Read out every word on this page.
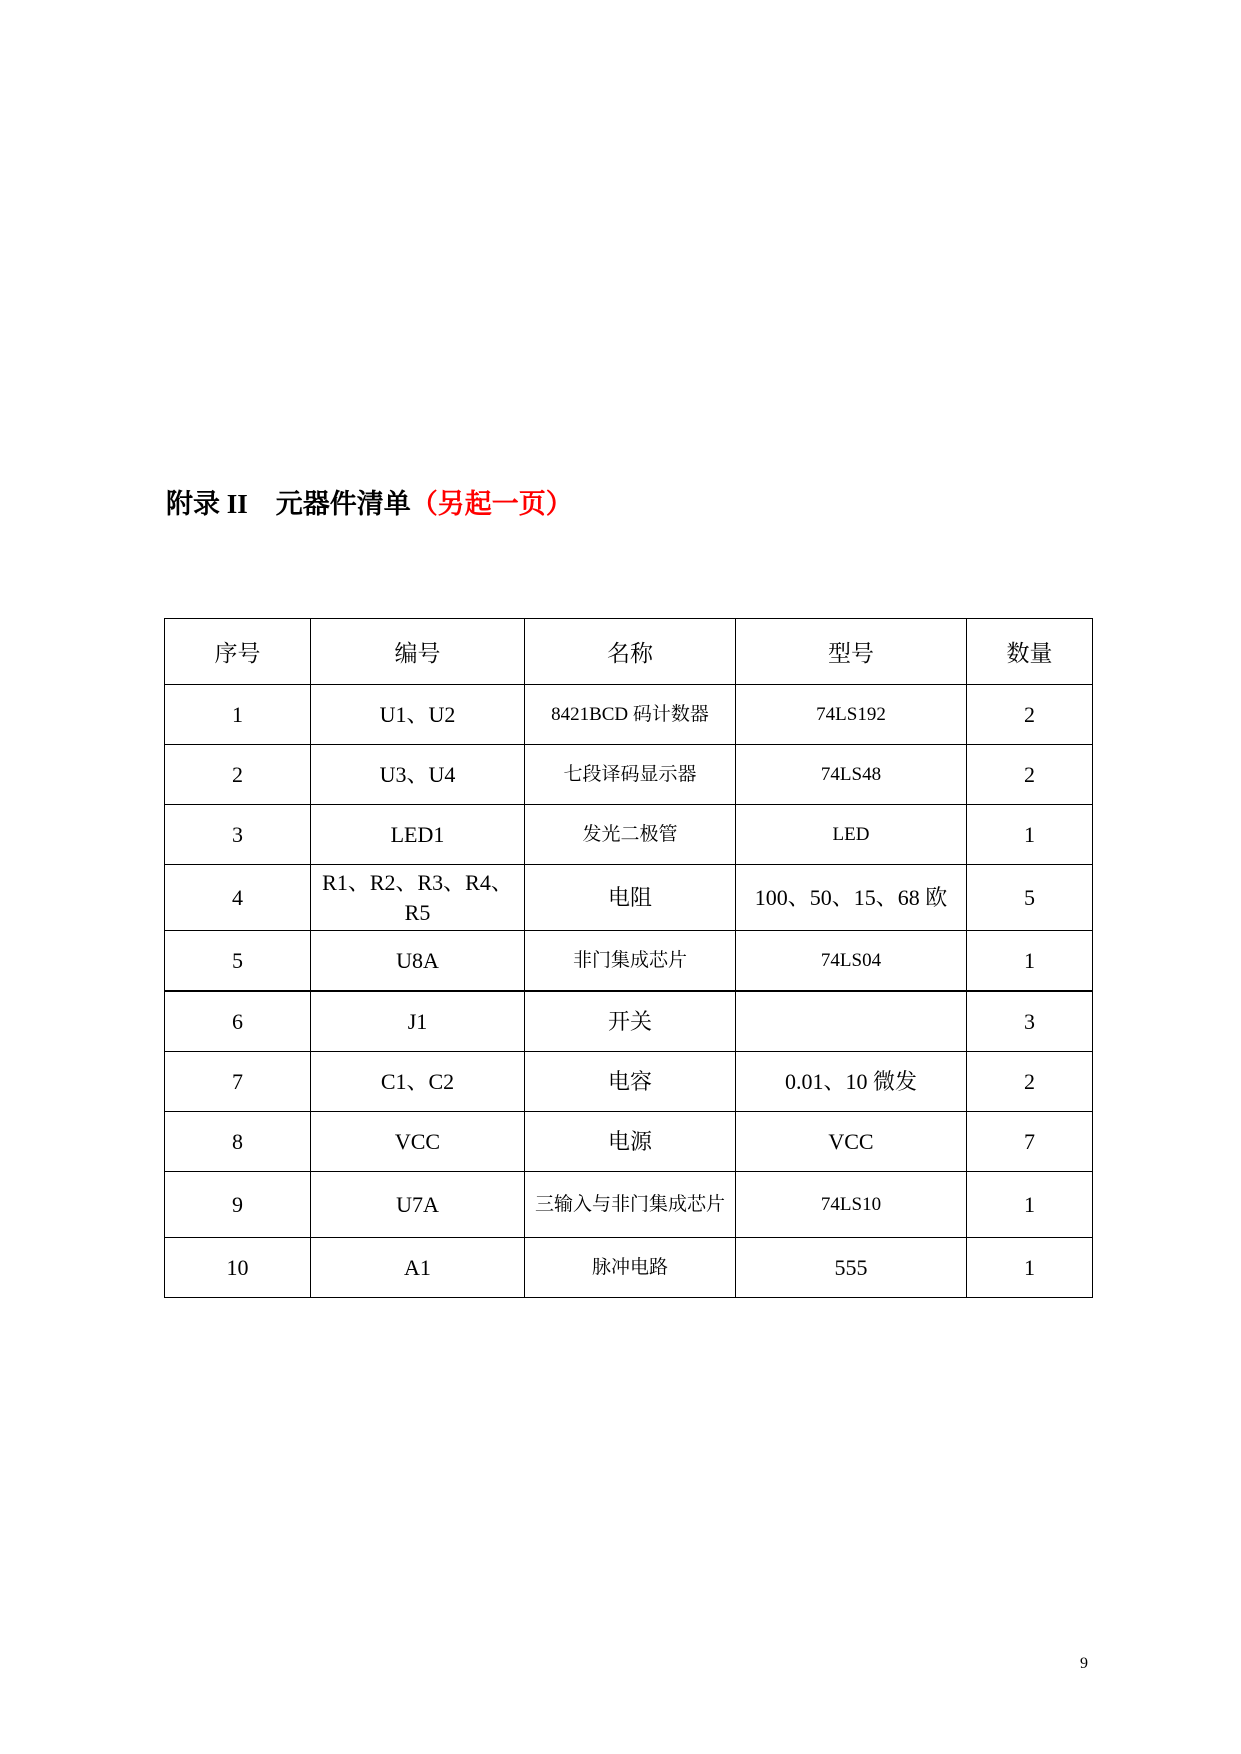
附录 II 元器件清单（另起一页）
序号	编号	名称	型号	数量
1	U1、U2	8421BCD 码计数器	74LS192	2
2	U3、U4	七段译码显示器	74LS48	2
3	LED1	发光二极管	LED	1
4	R1、R2、R3、R4、R5	电阻	100、50、15、68 欧	5
5	U8A	非门集成芯片	74LS04	1
6	J1	开关		3
7	C1、C2	电容	0.01、10 微发	2
8	VCC	电源	VCC	7
9	U7A	三输入与非门集成芯片	74LS10	1
10	A1	脉冲电路	555	1
9
